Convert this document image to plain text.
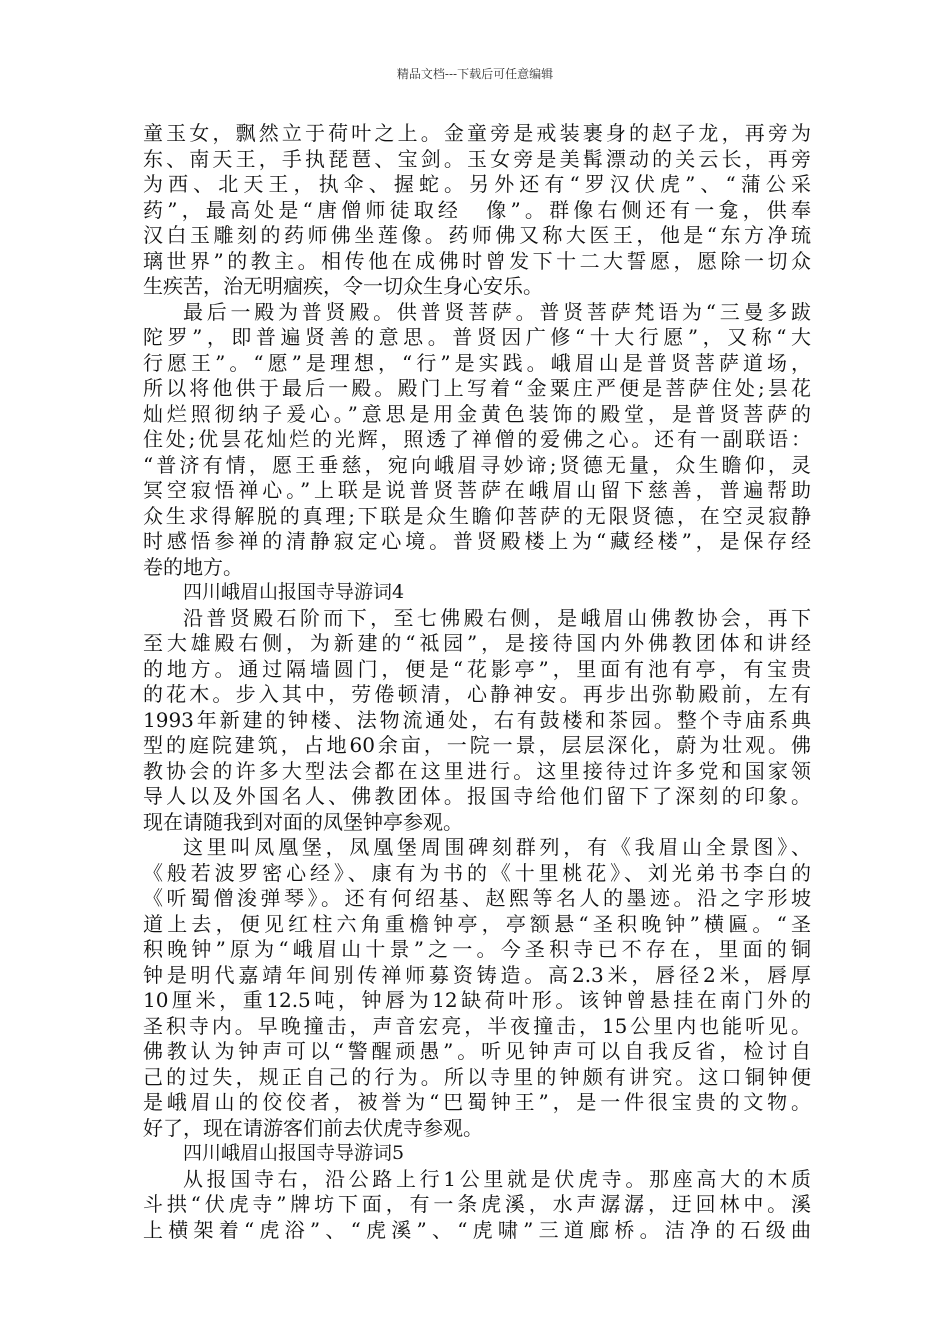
精品文档---下载后可任意编辑
童玉女，飘然立于荷叶之上。金童旁是戒装裹身的赵子龙，再旁为
东、南天王，手执琵琶、宝剑。玉女旁是美髯漂动的关云长，再旁
为西、北天王，执伞、握蛇。另外还有“罗汉伏虎”、“蒲公采
药”，最高处是“唐僧师徒取经　像”。群像右侧还有一龛，供奉
汉白玉雕刻的药师佛坐莲像。药师佛又称大医王，他是“东方净琉
璃世界”的教主。相传他在成佛时曾发下十二大誓愿，愿除一切众
生疾苦，治无明痼疾，令一切众生身心安乐。
最后一殿为普贤殿。供普贤菩萨。普贤菩萨梵语为“三曼多跋
陀罗”，即普遍贤善的意思。普贤因广修“十大行愿”，又称“大
行愿王”。“愿”是理想，“行”是实践。峨眉山是普贤菩萨道场，
所以将他供于最后一殿。殿门上写着“金粟庄严便是菩萨住处;昙花
灿烂照彻纳子爰心。”意思是用金黄色装饰的殿堂，是普贤菩萨的
住处;优昙花灿烂的光辉，照透了禅僧的爱佛之心。还有一副联语：
“普济有情，愿王垂慈，宛向峨眉寻妙谛;贤德无量，众生瞻仰，灵
冥空寂悟禅心。”上联是说普贤菩萨在峨眉山留下慈善，普遍帮助
众生求得解脱的真理;下联是众生瞻仰菩萨的无限贤德，在空灵寂静
时感悟参禅的清静寂定心境。普贤殿楼上为“藏经楼”，是保存经
卷的地方。
四川峨眉山报国寺导游词4
沿普贤殿石阶而下，至七佛殿右侧，是峨眉山佛教协会，再下
至大雄殿右侧，为新建的“祗园”，是接待国内外佛教团体和讲经
的地方。通过隔墙圆门，便是“花影亭”，里面有池有亭，有宝贵
的花木。步入其中，劳倦顿清，心静神安。再步出弥勒殿前，左有
1993年新建的钟楼、法物流通处，右有鼓楼和茶园。整个寺庙系典
型的庭院建筑，占地60余亩，一院一景，层层深化，蔚为壮观。佛
教协会的许多大型法会都在这里进行。这里接待过许多党和国家领
导人以及外国名人、佛教团体。报国寺给他们留下了深刻的印象。
现在请随我到对面的凤堡钟亭参观。
这里叫凤凰堡，凤凰堡周围碑刻群列，有《我眉山全景图》、
《般若波罗密心经》、康有为书的《十里桃花》、刘光弟书李白的
《听蜀僧浚弹琴》。还有何绍基、赵熙等名人的墨迹。沿之字形坡
道上去，便见红柱六角重檐钟亭，亭额悬“圣积晚钟”横匾。“圣
积晚钟”原为“峨眉山十景”之一。今圣积寺已不存在，里面的铜
钟是明代嘉靖年间别传禅师募资铸造。高2.3米，唇径2米，唇厚
10厘米，重12.5吨，钟唇为12缺荷叶形。该钟曾悬挂在南门外的
圣积寺内。早晚撞击，声音宏亮，半夜撞击，15公里内也能听见。
佛教认为钟声可以“警醒顽愚”。听见钟声可以自我反省，检讨自
己的过失，规正自己的行为。所以寺里的钟颇有讲究。这口铜钟便
是峨眉山的佼佼者，被誉为“巴蜀钟王”，是一件很宝贵的文物。
好了，现在请游客们前去伏虎寺参观。
四川峨眉山报国寺导游词5
从报国寺右，沿公路上行1公里就是伏虎寺。那座高大的木质
斗拱“伏虎寺”牌坊下面，有一条虎溪，水声潺潺，迂回林中。溪
上横架着“虎浴”、“虎溪”、“虎啸”三道廊桥。洁净的石级曲
